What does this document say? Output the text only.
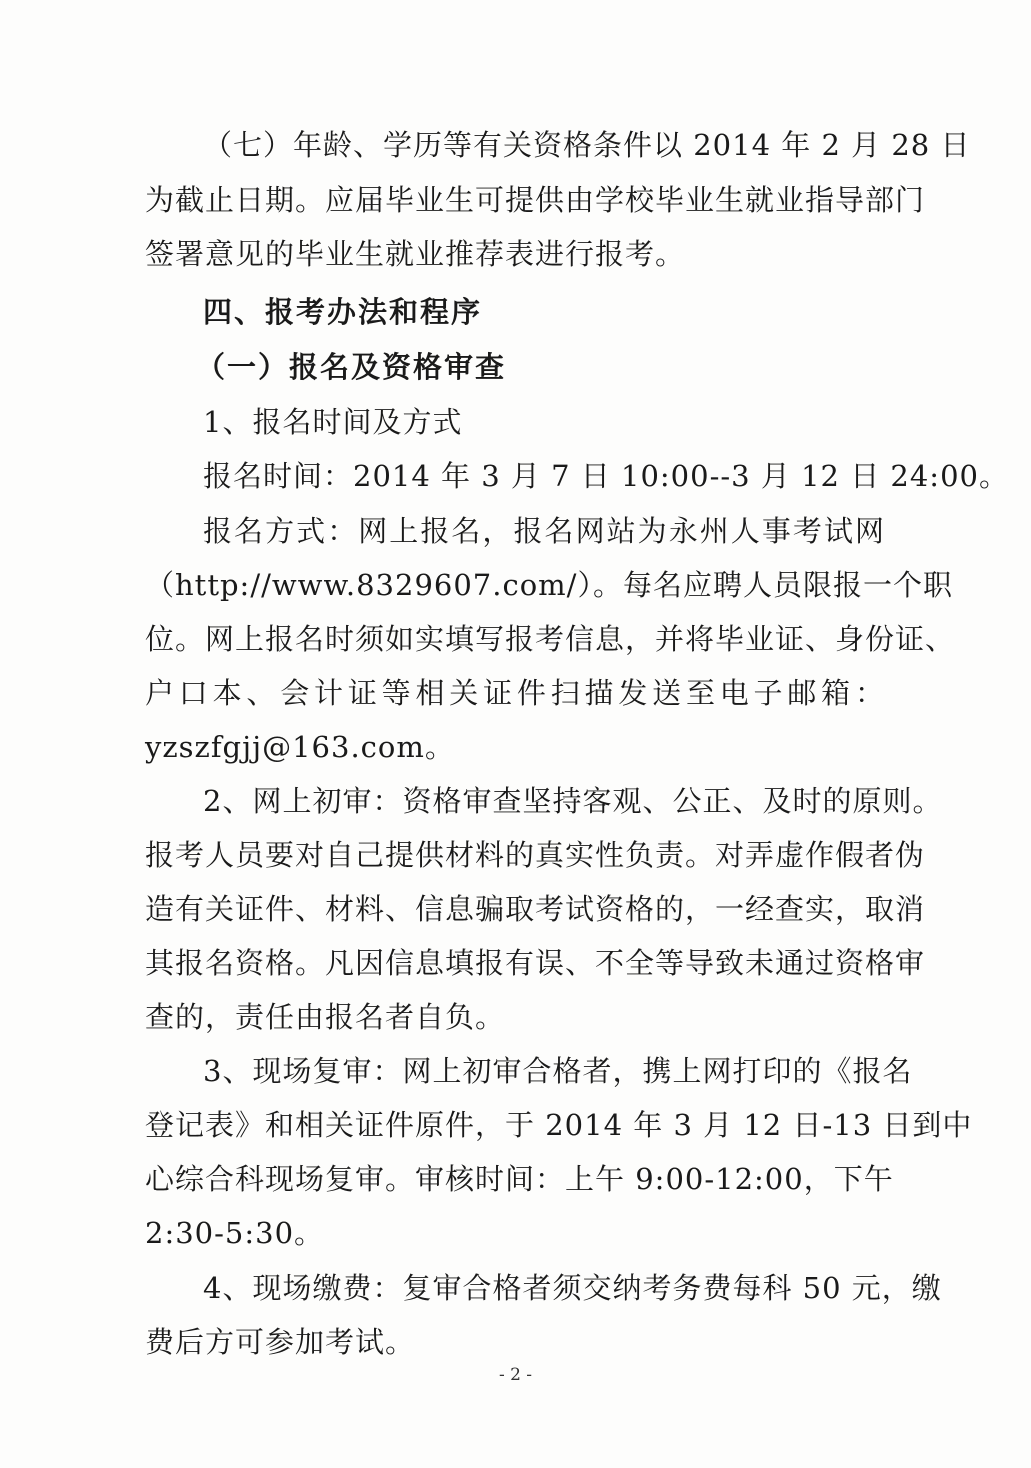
（七）年龄、学历等有关资格条件以 2014 年 2 月 28 日
为截止日期。应届毕业生可提供由学校毕业生就业指导部门
签署意见的毕业生就业推荐表进行报考。
四、报考办法和程序
（一）报名及资格审查
1、报名时间及方式
报名时间：2014 年 3 月 7 日 10:00--3 月 12 日 24:00。
报名方式：网上报名，报名网站为永州人事考试网
（http://www.8329607.com/）。每名应聘人员限报一个职
位。网上报名时须如实填写报考信息，并将毕业证、身份证、
户口本、会计证等相关证件扫描发送至电子邮箱：
yzszfgjj@163.com。
2、网上初审：资格审查坚持客观、公正、及时的原则。
报考人员要对自己提供材料的真实性负责。对弄虚作假者伪
造有关证件、材料、信息骗取考试资格的，一经查实，取消
其报名资格。凡因信息填报有误、不全等导致未通过资格审
查的，责任由报名者自负。
3、现场复审：网上初审合格者，携上网打印的《报名
登记表》和相关证件原件，于 2014 年 3 月 12 日-13 日到中
心综合科现场复审。审核时间：上午 9:00-12:00，下午
2:30-5:30。
4、现场缴费：复审合格者须交纳考务费每科 50 元，缴
费后方可参加考试。
- 2 -
